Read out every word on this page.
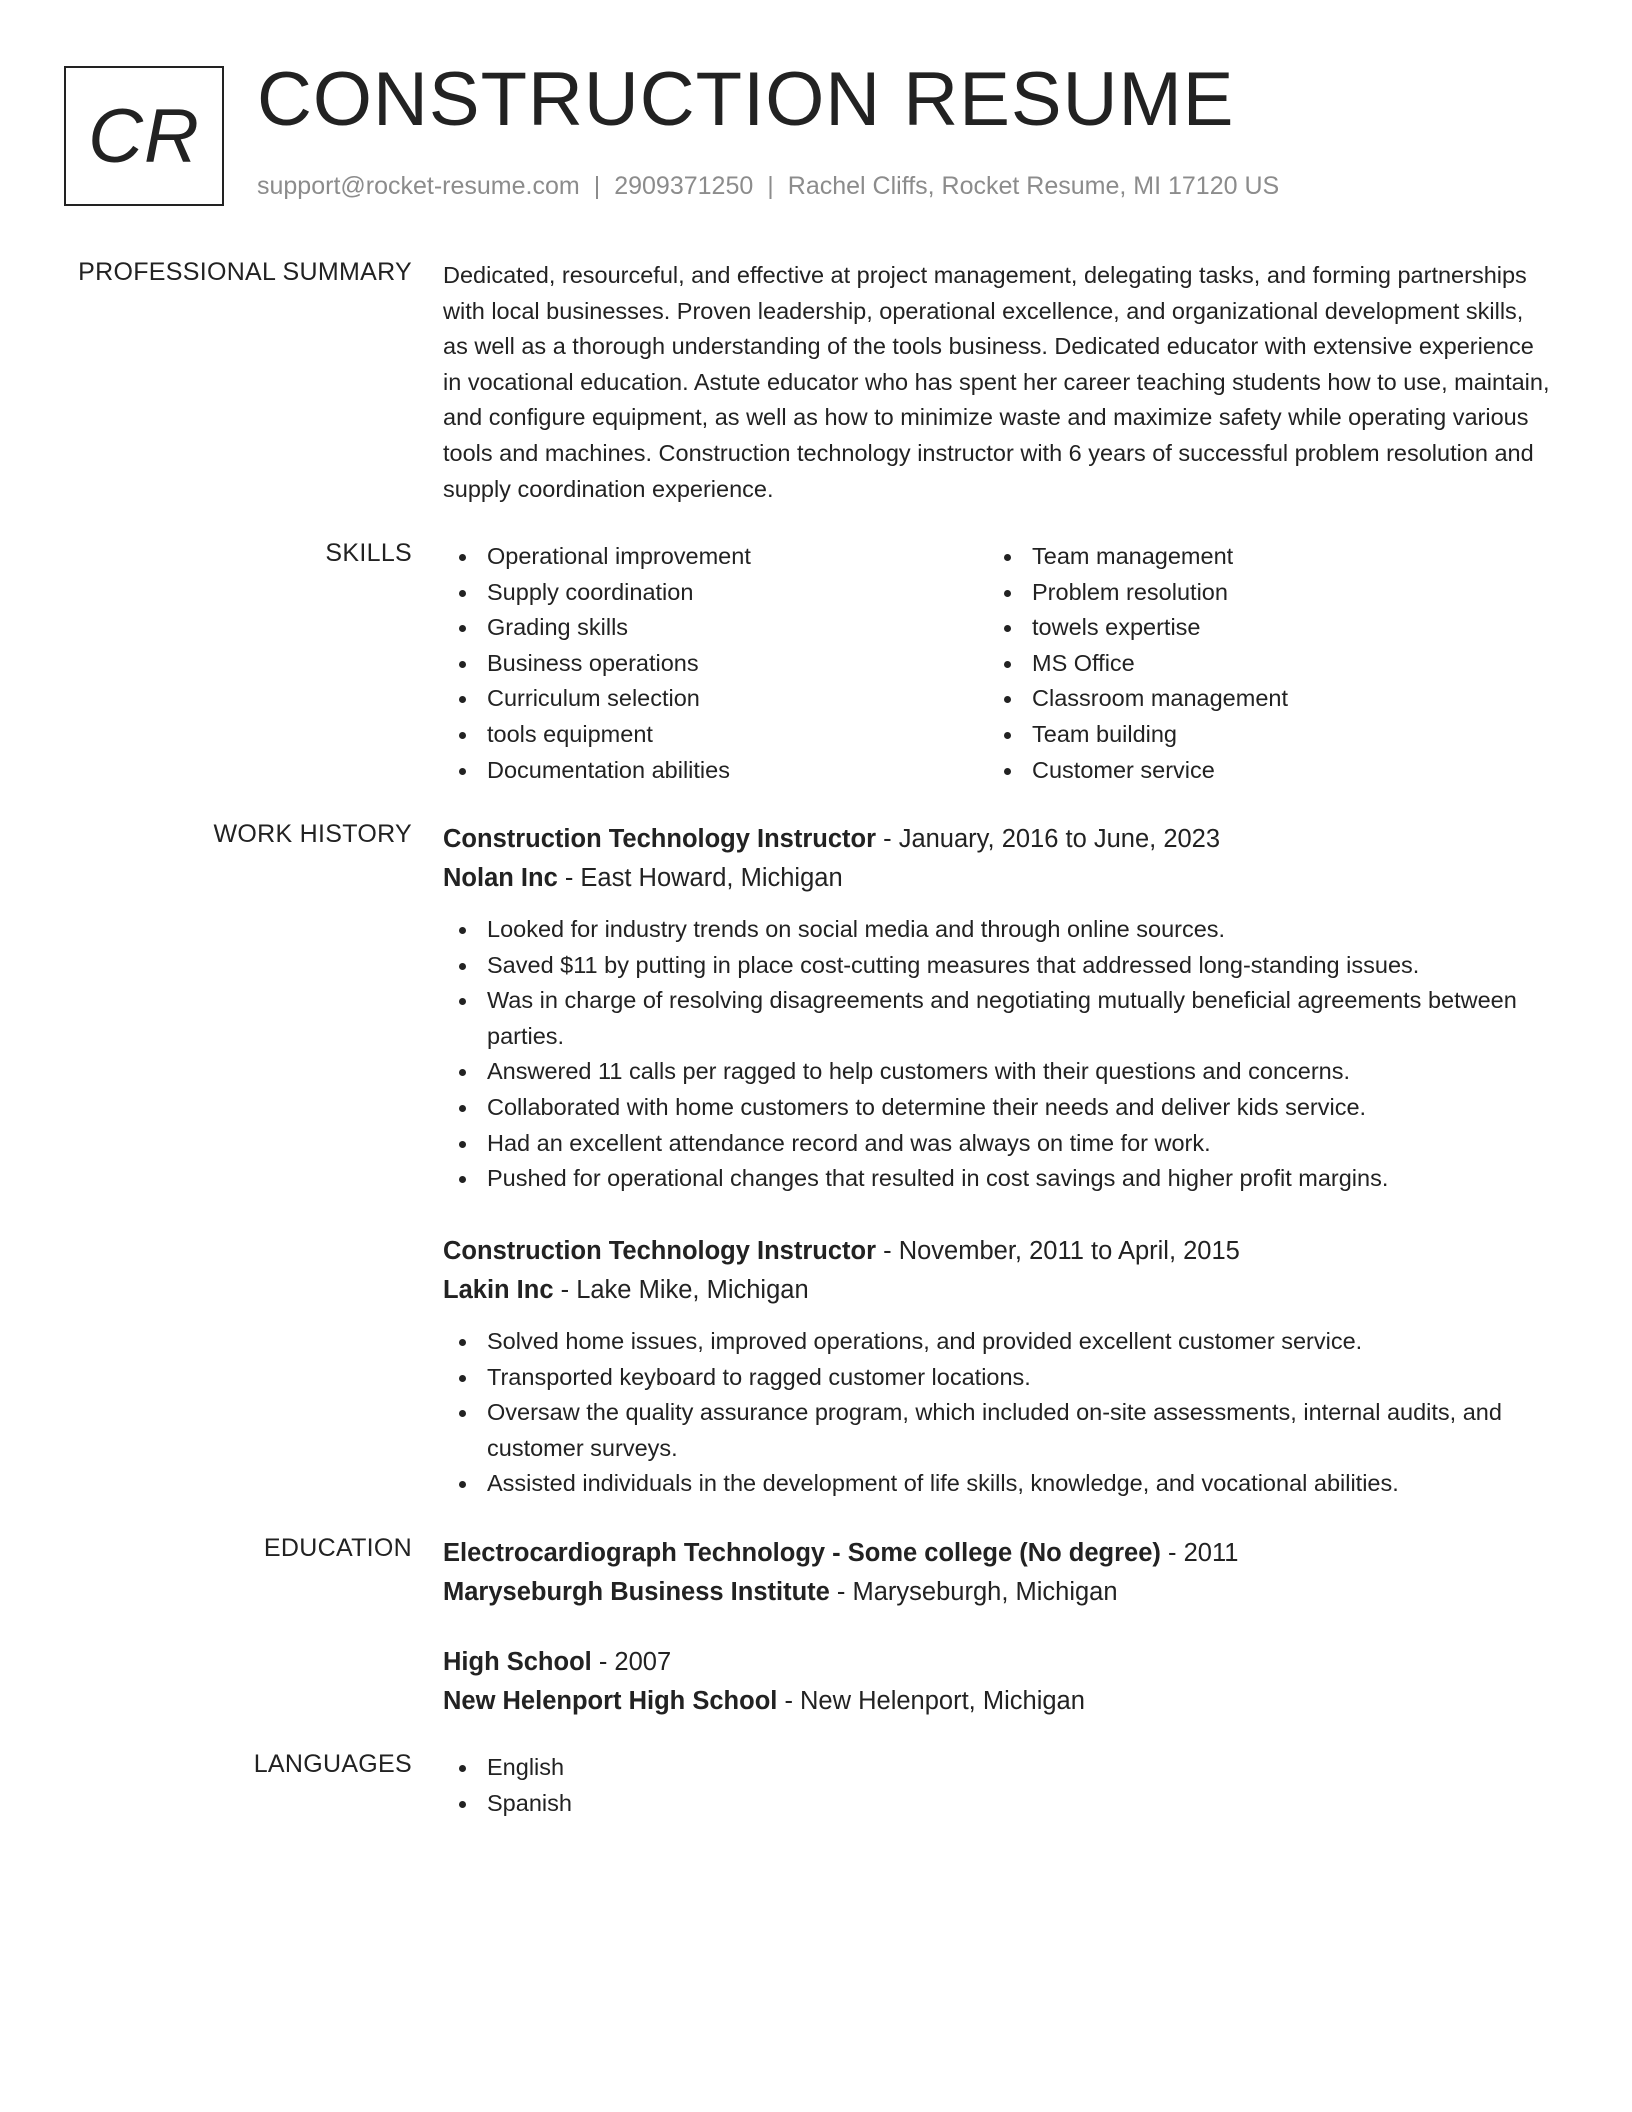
CR CONSTRUCTION RESUME
support@rocket-resume.com | 2909371250 | Rachel Cliffs, Rocket Resume, MI 17120 US
PROFESSIONAL SUMMARY Dedicated, resourceful, and effective at project management, delegating tasks, and forming partnerships with local businesses. Proven leadership, operational excellence, and organizational development skills, as well as a thorough understanding of the tools business. Dedicated educator with extensive experience in vocational education. Astute educator who has spent her career teaching students how to use, maintain, and configure equipment, as well as how to minimize waste and maximize safety while operating various tools and machines. Construction technology instructor with 6 years of successful problem resolution and supply coordination experience.

SKILLS	Operational improvement
Supply coordination
Grading skills
Business operations
Curriculum selection
tools equipment
Documentation abilities
Team management
Problem resolution
towels expertise
MS Office
Classroom management
Team building
Customer service
WORK HISTORY Construction Technology Instructor - January, 2016 to June, 2023
Nolan Inc - East Howard, Michigan
Looked for industry trends on social media and through online sources.
Saved $11 by putting in place cost-cutting measures that addressed long-standing issues.
Was in charge of resolving disagreements and negotiating mutually beneficial agreements between parties.
Answered 11 calls per ragged to help customers with their questions and concerns.
Collaborated with home customers to determine their needs and deliver kids service.
Had an excellent attendance record and was always on time for work.
Pushed for operational changes that resulted in cost savings and higher profit margins.
Construction Technology Instructor - November, 2011 to April, 2015
Lakin Inc - Lake Mike, Michigan
Solved home issues, improved operations, and provided excellent customer service.
Transported keyboard to ragged customer locations.
Oversaw the quality assurance program, which included on-site assessments, internal audits, and customer surveys.
Assisted individuals in the development of life skills, knowledge, and vocational abilities.
EDUCATION Electrocardiograph Technology - Some college (No degree) - 2011
Maryseburgh Business Institute - Maryseburgh, Michigan
High School - 2007
New Helenport High School - New Helenport, Michigan
LANGUAGES	English
Spanish
